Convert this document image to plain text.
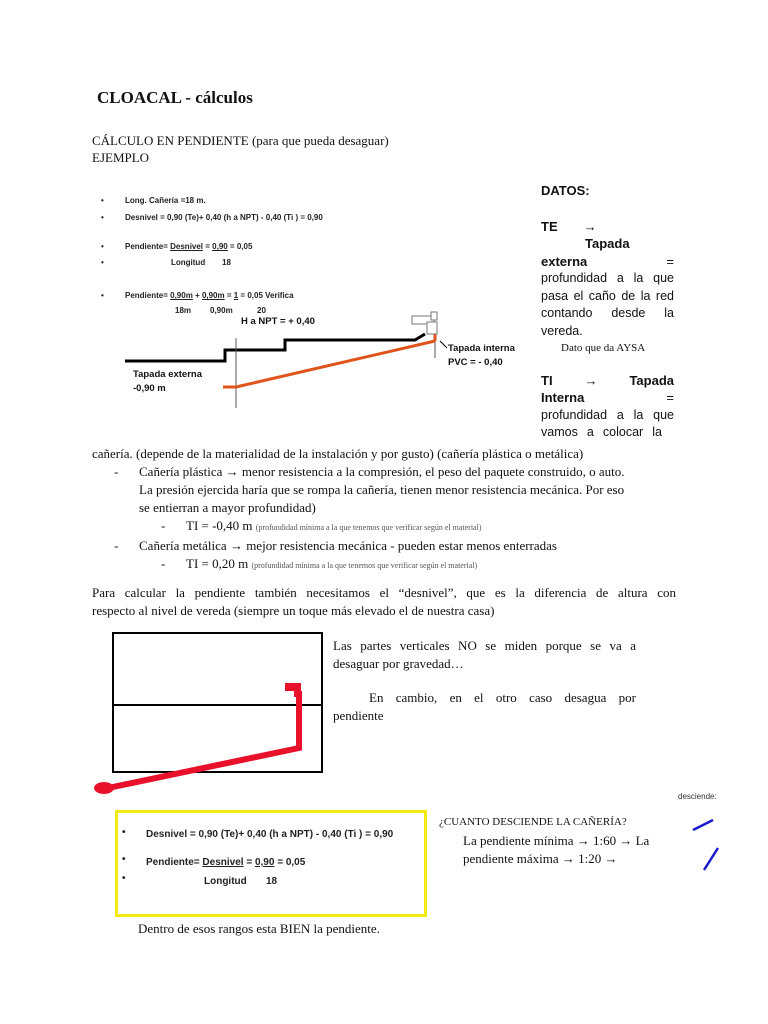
CLOACAL - cálculos
CÁLCULO EN PENDIENTE (para que pueda desaguar)
EJEMPLO
•
•
•
•
•
Long. Cañería =18 m.
Desnivel = 0,90 (Te)+ 0,40 (h a NPT) - 0,40 (Ti ) = 0,90
Pendiente= Desnivel = 0,90 = 0,05
Longitud 18
Pendiente= 0,90m + 0,90m = 1 = 0,05 Verifica
18m 0,90m	20
H a NPT = + 0,40
Tapada externa
-0,90 m
Tapada interna
PVC = - 0,40
DATOS:
TE →
Tapada
externa	=
profundidad a la que
pasa el caño de la red
contando desde la
vereda.
Dato que da AYSA
TI → Tapada
Interna	=
profundidad a la que
vamos a colocar la
cañería. (depende de la materialidad de la instalación y por gusto) (cañería plástica o metálica)
- Cañería plástica → menor resistencia a la compresión, el peso del paquete construido, o auto.
La presión ejercida haría que se rompa la cañería, tienen menor resistencia mecánica. Por eso
se entierran a mayor profundidad)
- TI = -0,40 m (profundidad mínima a la que tenemos que verificar según el material)
- Cañería metálica → mejor resistencia mecánica - pueden estar menos enterradas
- TI = 0,20 m (profundidad mínima a la que tenemos que verificar según el material)
Para calcular la pendiente también necesitamos el “desnivel”, que es la diferencia de altura con
respecto al nivel de vereda (siempre un toque más elevado el de nuestra casa)
Las partes verticales NO se miden porque se va a
desaguar por gravedad…
En cambio, en el otro caso desagua por
pendiente
desciende:
•
•
•
Desnivel = 0,90 (Te)+ 0,40 (h a NPT) - 0,40 (Ti ) = 0,90
Pendiente= Desnivel = 0,90 = 0,05
Longitud 18
¿CUANTO DESCIENDE LA CAÑERÍA?
La pendiente mínima → 1:60 → La
pendiente máxima → 1:20 →
Dentro de esos rangos esta BIEN la pendiente.
